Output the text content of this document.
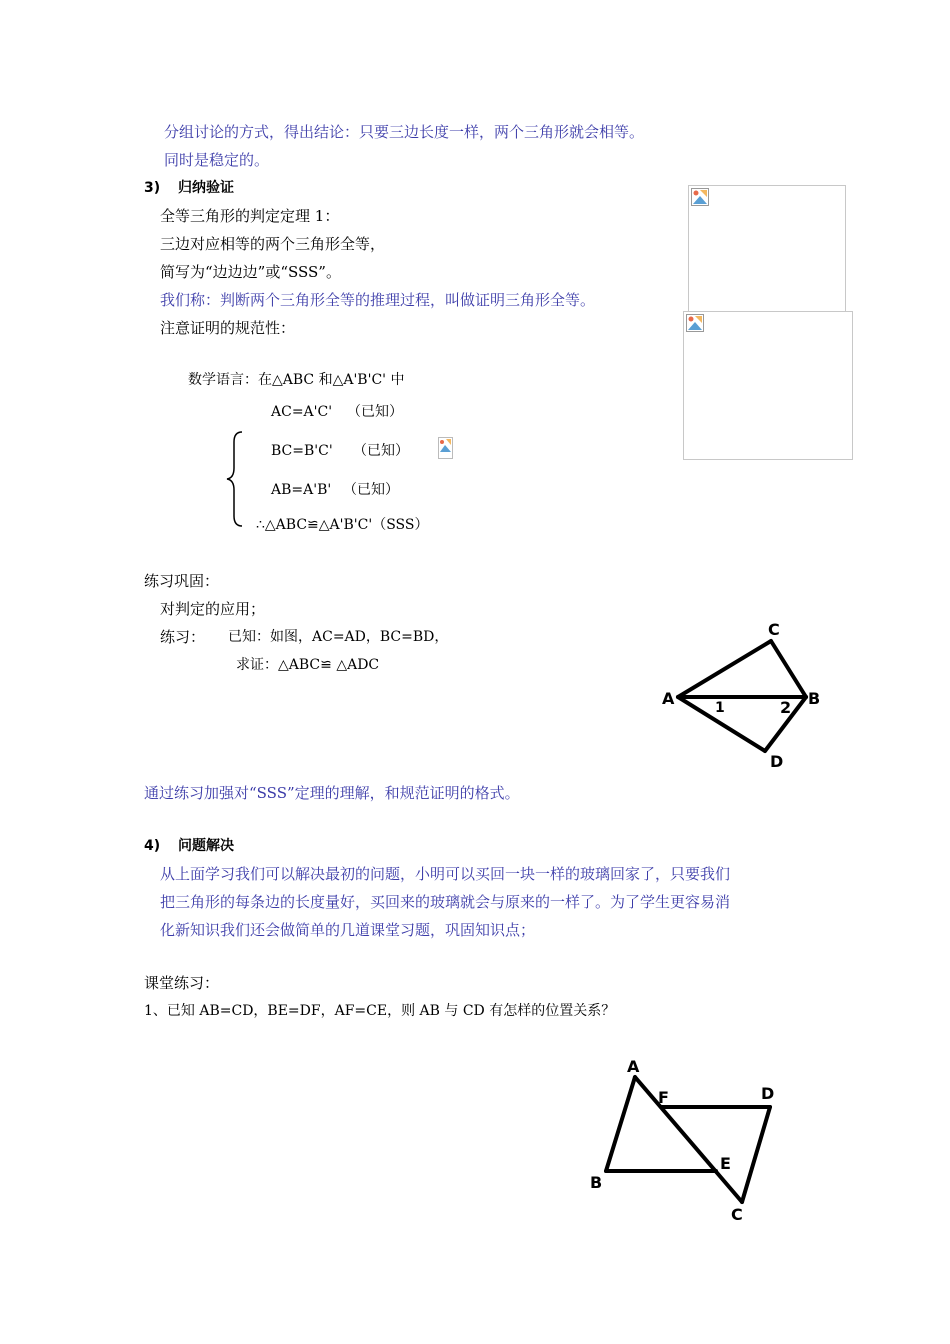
分组讨论的方式，得出结论：只要三边长度一样，两个三角形就会相等。
同时是稳定的。
3) 归纳验证
全等三角形的判定定理 1：
三边对应相等的两个三角形全等，
简写为“边边边”或“SSS”。
我们称：判断两个三角形全等的推理过程，叫做证明三角形全等。
注意证明的规范性：
数学语言：在△ABC 和△A'B'C' 中
AC=A'C' （已知）
BC=B'C' （已知）
AB=A'B' （已知）
∴△ABC≌△A'B'C'（SSS）
练习巩固：
对判定的应用；
练习： 已知：如图，AC=AD，BC=BD，
求证：△ABC≌ △ADC
A
C
B
D
1	2
通过练习加强对“SSS”定理的理解，和规范证明的格式。
4) 问题解决
从上面学习我们可以解决最初的问题，小明可以买回一块一样的玻璃回家了，只要我们
把三角形的每条边的长度量好，买回来的玻璃就会与原来的一样了。为了学生更容易消
化新知识我们还会做简单的几道课堂习题，巩固知识点；
课堂练习：
1、已知 AB=CD，BE=DF，AF=CE，则 AB 与 CD 有怎样的位置关系？
A
B
C
D
E
F
